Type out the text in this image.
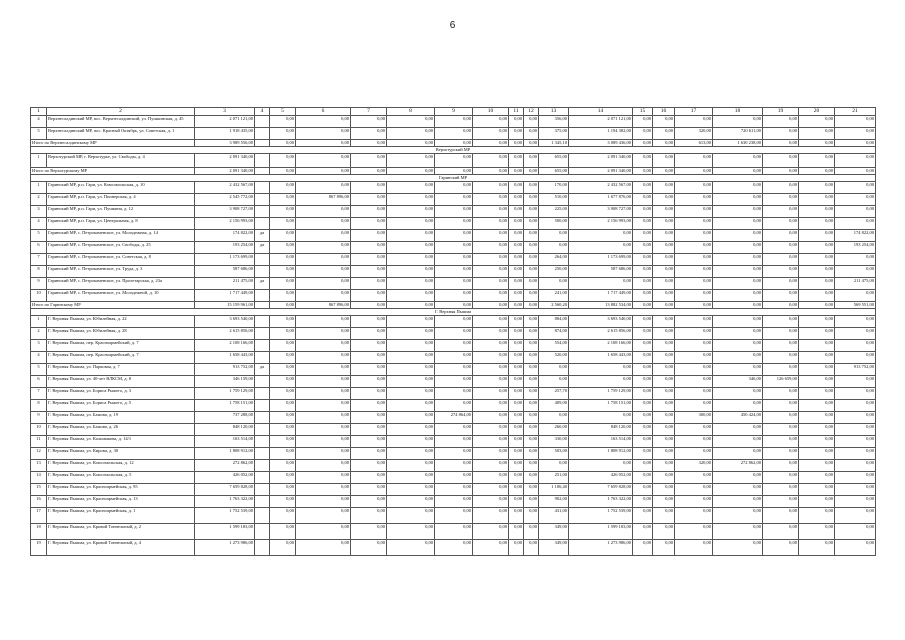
6
1	2	3	4	5	6	7	8	9	10	11	12	13	14	15	16	17	18	19	20	21
4	Верхнесалдинский МР, пос. Верхнесалдинский, ул. Пушкинская, д. 45	2 071 121,00		0,00	0,00	0,00	0,00	0,00	0,00	0,00	0,00	356,00	2 071 121,00	0,00	0,00	0,00	0,00	0,00	0,00	0,00
5	Верхнесалдинский МР, пос. Красный Октябрь, ул. Советская, д. 1	1 918 435,00		0,00	0,00	0,00	0,00	0,00	0,00	0,00	0,00	375,00	1 194 382,00	0,00	0,00	320,00	720 611,00	0,00	0,00	0,00
Итого по Верхнесалдинскому МР		3 989 556,00		0,00	0,00	0,00	0,00	0,00	0,00	0,00	0,00	1 345,10	3 089 436,00	0,00	0,00	613,00	1 630 238,00	0,00	0,00	0,00
Верхотурский МР																				
1	Верхотурский МР, г. Верхотурье, ул. Свободы, д. 4	2 091 340,00		0,00	0,00	0,00	0,00	0,00	0,00	0,00	0,00	655,00	2 091 340,00	0,00	0,00	0,00	0,00	0,00	0,00	0,00
Итого по Верхотурскому МР		2 091 340,00		0,00	0,00	0,00	0,00	0,00	0,00	0,00	0,00	655,00	2 091 340,00	0,00	0,00	0,00	0,00	0,00	0,00	0,00
Гаринский МР																				
1	Гаринский МР, р.п. Гари, ул. Комсомольская, д. 10	2 432 567,00		0,00	0,00	0,00	0,00	0,00	0,00	0,00	0,00	170,00	2 432 567,00	0,00	0,00	0,00	0,00	0,00	0,00	0,00
2	Гаринский МР, р.п. Гари, ул. Пионерская, д. 4	2 545 772,00		0,00	867 896,00	0,00	0,00	0,00	0,00	0,00	0,00	510,00	1 677 876,00	0,00	0,00	0,00	0,00	0,00	0,00	0,00
3	Гаринский МР, р.п. Гари, ул. Пушкина, д. 12	3 908 727,00		0,00	0,00	0,00	0,00	0,00	0,00	0,00	0,00	225,00	3 908 727,00	0,00	0,00	0,00	0,00	0,00	0,00	0,00
4	Гаринский МР, р.п. Гари, ул. Центральная, д. 8	2 156 993,00		0,00	0,00	0,00	0,00	0,00	0,00	0,00	0,00	500,00	2 156 993,00	0,00	0,00	0,00	0,00	0,00	0,00	0,00
5	Гаринский МР, с. Петрокаменское, ул. Молодежная, д. 14	174 822,00	да	0,00	0,00	0,00	0,00	0,00	0,00	0,00	0,00	0,00	0,00	0,00	0,00	0,00	0,00	0,00	0,00	174 822,00
6	Гаринский МР, с. Петрокаменское, ул. Свободы, д. 25	193 254,00	да	0,00	0,00	0,00	0,00	0,00	0,00	0,00	0,00	0,00	0,00	0,00	0,00	0,00	0,00	0,00	0,00	193 254,00
7	Гаринский МР, с. Петрокаменское, ул. Советская, д. 8	1 173 699,00		0,00	0,00	0,00	0,00	0,00	0,00	0,00	0,00	264,00	1 173 699,00	0,00	0,00	0,00	0,00	0,00	0,00	0,00
8	Гаринский МР, с. Петрокаменское, ул. Труда, д. 3	587 686,00		0,00	0,00	0,00	0,00	0,00	0,00	0,00	0,00	250,00	587 686,00	0,00	0,00	0,00	0,00	0,00	0,00	0,00
9	Гаринский МР, с. Петрокаменское, ул. Пролетарская, д. 23а	211 475,00	да	0,00	0,00	0,00	0,00	0,00	0,00	0,00	0,00	0,00	0,00	0,00	0,00	0,00	0,00	0,00	0,00	211 475,00
10	Гаринский МР, с. Петрокаменское, ул. Молодежной, д. 10	1 717 449,00		0,00	0,00	0,00	0,00	0,00	0,00	0,00	0,00	241,00	1 717 449,00	0,00	0,00	0,00	0,00	0,00	0,00	0,00
Итого по Гаринскому МР		15 159 961,00		0,00	867 896,00	0,00	0,00	0,00	0,00	0,00	0,00	2 560,20	13 882 534,00	0,00	0,00	0,00	0,00	0,00	0,00	569 551,00
Г. Верхняя Пышма																				
1	Г. Верхняя Пышма, ул. Юбилейная, д. 22	3 693 540,00		0,00	0,00	0,00	0,00	0,00	0,00	0,00	0,00	884,00	3 693 540,00	0,00	0,00	0,00	0,00	0,00	0,00	0,00
2	Г. Верхняя Пышма, ул. Юбилейная, д. 28	2 615 856,00		0,00	0,00	0,00	0,00	0,00	0,00	0,00	0,00	874,00	2 615 856,00	0,00	0,00	0,00	0,00	0,00	0,00	0,00
3	Г. Верхняя Пышма, пер. Красноармейский, д. 7	2 108 166,00		0,00	0,00	0,00	0,00	0,00	0,00	0,00	0,00	554,00	2 108 166,00	0,00	0,00	0,00	0,00	0,00	0,00	0,00
4	Г. Верхняя Пышма, пер. Красноармейский, д. 7	1 658 443,00		0,00	0,00	0,00	0,00	0,00	0,00	0,00	0,00	520,00	1 658 443,00	0,00	0,00	0,00	0,00	0,00	0,00	0,00
5	Г. Верхняя Пышма, ул. Парковая, д. 7	913 752,00	да	0,00	0,00	0,00	0,00	0,00	0,00	0,00	0,00	0,00	0,00	0,00	0,00	0,00	0,00	0,00	0,00	913 752,00
6	Г. Верхняя Пышма, ул. 40-лет ВЛКСМ, д. 8	346 159,00		0,00	0,00	0,00	0,00	0,00	0,00	0,00	0,00	0,00	0,00	0,00	0,00	0,00	346,00	126 659,00	0,00	0,00
7	Г. Верхняя Пышма, ул. Бориса Рыжего, д. 3	1 759 129,00		0,00	0,00	0,00	0,00	0,00	0,00	0,00	0,00	257,70	1 759 129,00	0,00	0,00	0,00	0,00	0,00	0,00	0,00
8	Г. Верхняя Пышма, ул. Бориса Рыжего, д. 5	1 758 151,00		0,00	0,00	0,00	0,00	0,00	0,00	0,00	0,00	409,00	1 758 151,00	0,00	0,00	0,00	0,00	0,00	0,00	0,00
9	Г. Верхняя Пышма, ул. Бажова, д. 19	737 288,00		0,00	0,00	0,00	0,00	274 864,00	0,00	0,00	0,00	0,00	0,00	0,00	0,00	300,00	450 424,00	0,00	0,00	0,00
10	Г. Верхняя Пышма, ул. Бажова, д. 26	848 120,00		0,00	0,00	0,00	0,00	0,00	0,00	0,00	0,00	260,00	848 120,00	0,00	0,00	0,00	0,00	0,00	0,00	0,00
11	Г. Верхняя Пышма, ул. Кальмыкова, д. 14/1	163 514,00		0,00	0,00	0,00	0,00	0,00	0,00	0,00	0,00	330,00	163 514,00	0,00	0,00	0,00	0,00	0,00	0,00	0,00
12	Г. Верхняя Пышма, ул. Кирова, д. 30	1 808 912,00		0,00	0,00	0,00	0,00	0,00	0,00	0,00	0,00	503,00	1 808 912,00	0,00	0,00	0,00	0,00	0,00	0,00	0,00
13	Г. Верхняя Пышма, ул. Комсомольская, д. 12	272 862,00		0,00	0,00	0,00	0,00	0,00	0,00	0,00	0,00	0,00	0,00	0,00	0,00	320,00	272 862,00	0,00	0,00	0,00
14	Г. Верхняя Пышма, ул. Комсомольская, д. 5	426 052,00		0,00	0,00	0,00	0,00	0,00	0,00	0,00	0,00	251,00	426 052,00	0,00	0,00	0,00	0,00	0,00	0,00	0,00
15	Г. Верхняя Пышма, ул. Красноармейская, д. 95	7 659 828,00		0,00	0,00	0,00	0,00	0,00	0,00	0,00	0,00	1 106,40	7 659 828,00	0,00	0,00	0,00	0,00	0,00	0,00	0,00
16	Г. Верхняя Пышма, ул. Красноармейская, д. 13	1 763 322,00		0,00	0,00	0,00	0,00	0,00	0,00	0,00	0,00	902,00	1 763 322,00	0,00	0,00	0,00	0,00	0,00	0,00	0,00
17	Г. Верхняя Пышма, ул. Красноармейская, д. 1	1 752 539,00		0,00	0,00	0,00	0,00	0,00	0,00	0,00	0,00	431,00	1 752 539,00	0,00	0,00	0,00	0,00	0,00	0,00	0,00
18	Г. Верхняя Пышма, ул. Кривой Тоннельный, д. 2	1 599 183,00		0,00	0,00	0,00	0,00	0,00	0,00	0,00	0,00	349,00	1 599 183,00	0,00	0,00	0,00	0,00	0,00	0,00	0,00
19	Г. Верхняя Пышма, ул. Кривой Тоннельный, д. 4	1 273 986,00		0,00	0,00	0,00	0,00	0,00	0,00	0,00	0,00	349,00	1 273 986,00	0,00	0,00	0,00	0,00	0,00	0,00	0,00
